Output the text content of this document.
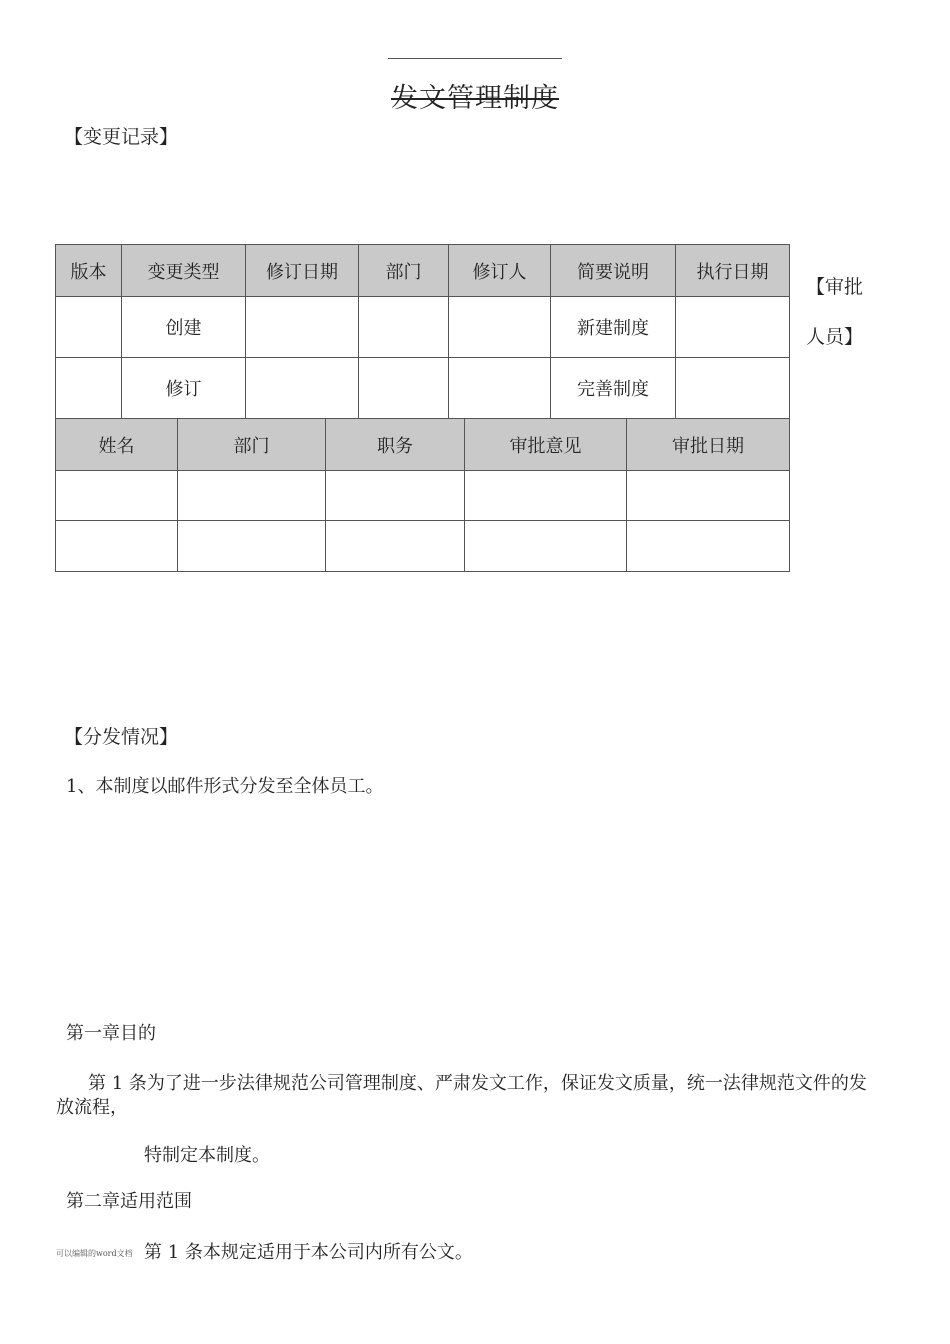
发文管理制度
【变更记录】
【审批
人员】
版本	变更类型	修订日期	部门	修订人	简要说明	执行日期
	创建				新建制度	
	修订				完善制度	
姓名	部门	职务	审批意见	审批日期

【分发情况】
1、本制度以邮件形式分发至全体员工。
第一章目的
第 1 条为了进一步法律规范公司管理制度、严肃发文工作，保证发文质量，统一法律规范文件的发放流程，
特制定本制度。
第二章适用范围
第 1 条本规定适用于本公司内所有公文。
可以编辑的word文档
